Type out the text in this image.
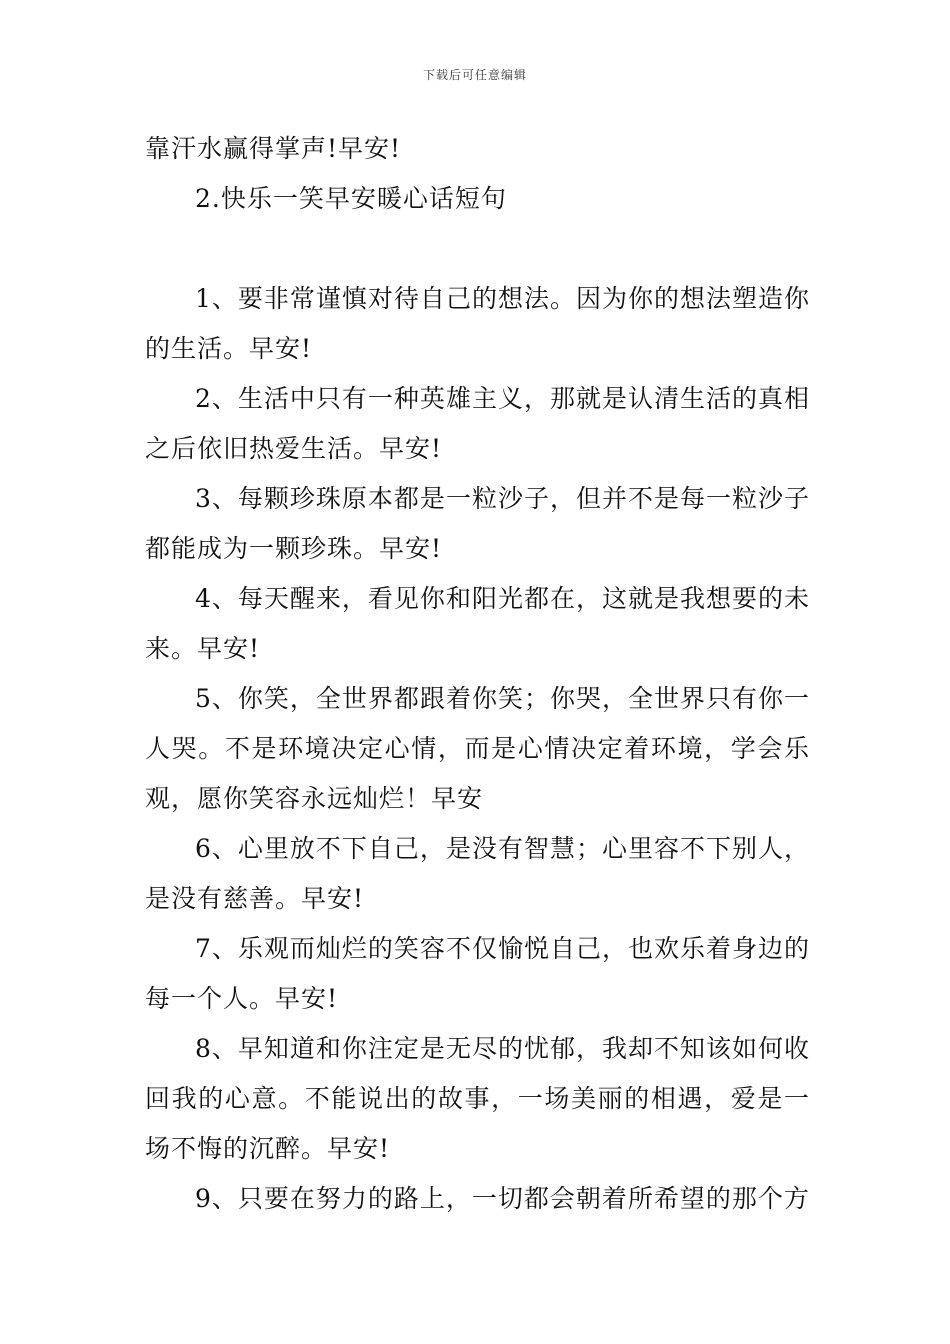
下载后可任意编辑

靠汗水赢得掌声!早安!

2.快乐一笑早安暖心话短句

1、要非常谨慎对待自己的想法。因为你的想法塑造你的生活。早安!

2、生活中只有一种英雄主义，那就是认清生活的真相之后依旧热爱生活。早安!

3、每颗珍珠原本都是一粒沙子，但并不是每一粒沙子都能成为一颗珍珠。早安!

4、每天醒来，看见你和阳光都在，这就是我想要的未来。早安!

5、你笑，全世界都跟着你笑；你哭，全世界只有你一人哭。不是环境决定心情，而是心情决定着环境，学会乐观，愿你笑容永远灿烂！早安

6、心里放不下自己，是没有智慧；心里容不下别人，是没有慈善。早安!

7、乐观而灿烂的笑容不仅愉悦自己，也欢乐着身边的每一个人。早安!

8、早知道和你注定是无尽的忧郁，我却不知该如何收回我的心意。不能说出的故事，一场美丽的相遇，爱是一场不悔的沉醉。早安!

9、只要在努力的路上，一切都会朝着所希望的那个方
